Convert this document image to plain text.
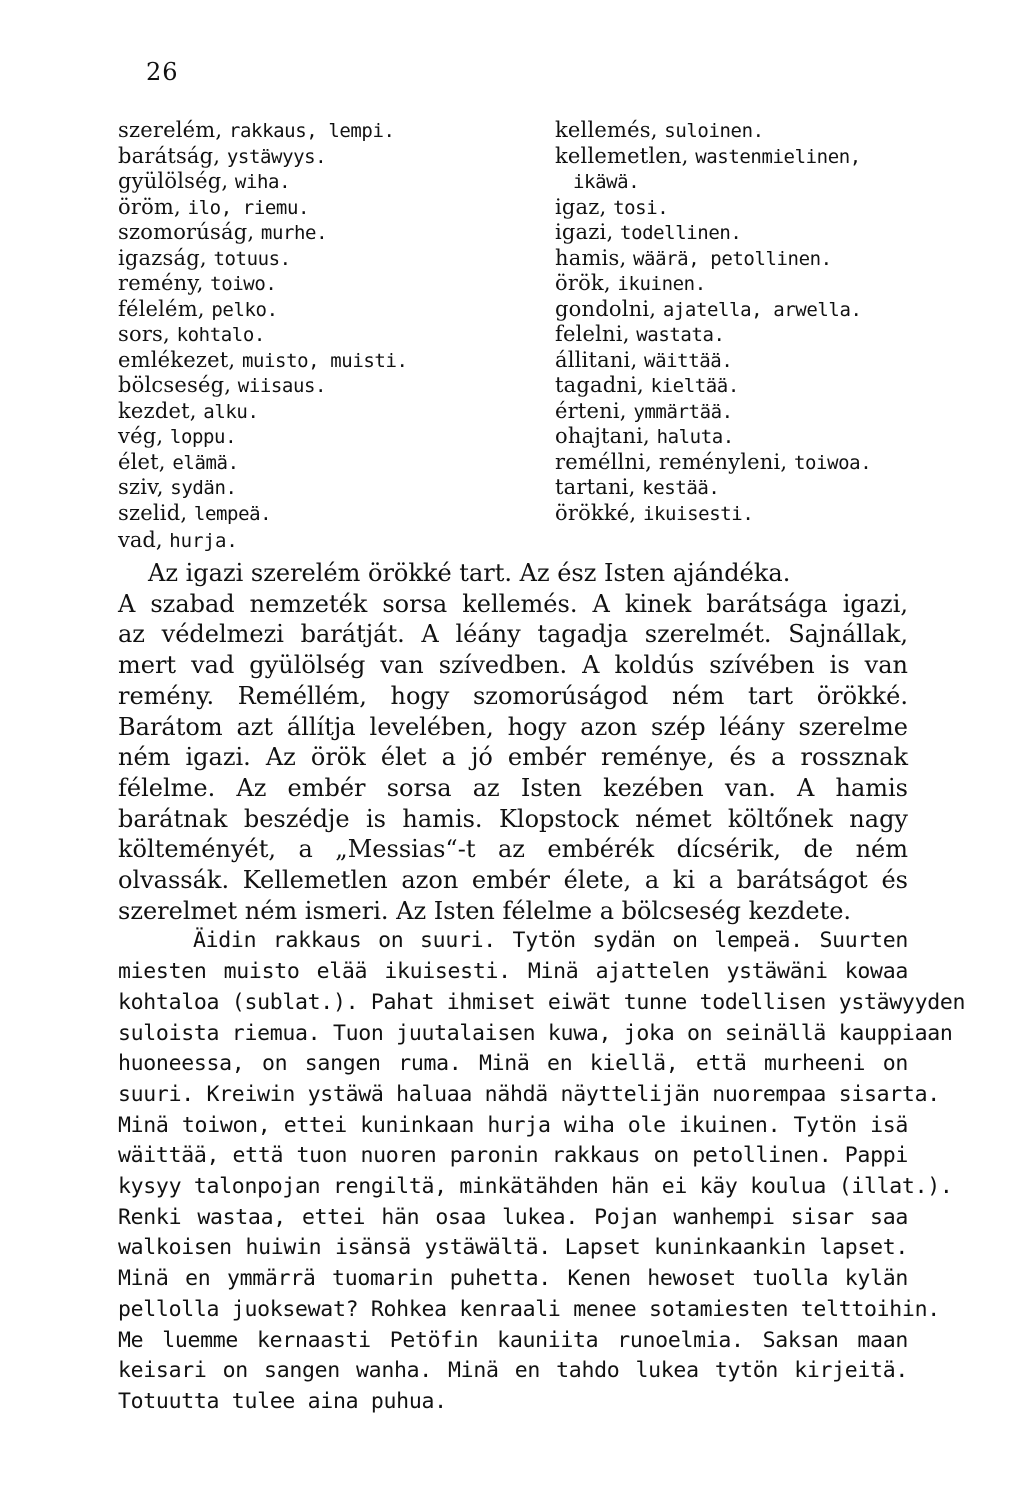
26
szerelém, rakkaus, lempi.
barátság, ystäwyys.
gyülölség, wiha.
öröm, ilo, riemu.
szomorúság, murhe.
igazság, totuus.
remény, toiwo.
félelém, pelko.
sors, kohtalo.
emlékezet, muisto, muisti.
bölcseség, wiisaus.
kezdet, alku.
vég, loppu.
élet, elämä.
sziv, sydän.
szelid, lempeä.
kellemés, suloinen.
kellemetlen, wastenmielinen,
ikäwä.
igaz, tosi.
igazi, todellinen.
hamis, wäärä, petollinen.
örök, ikuinen.
gondolni, ajatella, arwella.
felelni, wastata.
állitani, wäittää.
tagadni, kieltää.
érteni, ymmärtää.
ohajtani, haluta.
reméllni, reményleni, toiwoa.
tartani, kestää.
örökké, ikuisesti.
vad, hurja.
Az igazi szerelém örökké tart. Az ész Isten ajándéka.
A szabad nemzeték sorsa kellemés. A kinek barátsága igazi,
az védelmezi barátját. A léány tagadja szerelmét. Sajnállak,
mert vad gyülölség van szívedben. A koldús szívében is van
remény. Reméllém, hogy szomorúságod ném tart örökké.
Barátom azt állítja levelében, hogy azon szép léány szerelme
ném igazi. Az örök élet a jó embér reménye, és a rossznak
félelme. Az embér sorsa az Isten kezében van. A hamis
barátnak beszédje is hamis. Klopstock német költőnek nagy
költeményét, a „Messias“-t az embérék dícsérik, de ném
olvassák. Kellemetlen azon embér élete, a ki a barátságot és
szerelmet ném ismeri. Az Isten félelme a bölcseség kezdete.
Äidin rakkaus on suuri. Tytön sydän on lempeä. Suurten
miesten muisto elää ikuisesti. Minä ajattelen ystäwäni kowaa
kohtaloa (sublat.). Pahat ihmiset eiwät tunne todellisen ystäwyyden
suloista riemua. Tuon juutalaisen kuwa, joka on seinällä kauppiaan
huoneessa, on sangen ruma. Minä en kiellä, että murheeni on
suuri. Kreiwin ystäwä haluaa nähdä näyttelijän nuorempaa sisarta.
Minä toiwon, ettei kuninkaan hurja wiha ole ikuinen. Tytön isä
wäittää, että tuon nuoren paronin rakkaus on petollinen. Pappi
kysyy talonpojan rengiltä, minkätähden hän ei käy koulua (illat.).
Renki wastaa, ettei hän osaa lukea. Pojan wanhempi sisar saa
walkoisen huiwin isänsä ystäwältä. Lapset kuninkaankin lapset.
Minä en ymmärrä tuomarin puhetta. Kenen hewoset tuolla kylän
pellolla juoksewat? Rohkea kenraali menee sotamiesten telttoihin.
Me luemme kernaasti Petöfin kauniita runoelmia. Saksan maan
keisari on sangen wanha. Minä en tahdo lukea tytön kirjeitä.
Totuutta tulee aina puhua.
